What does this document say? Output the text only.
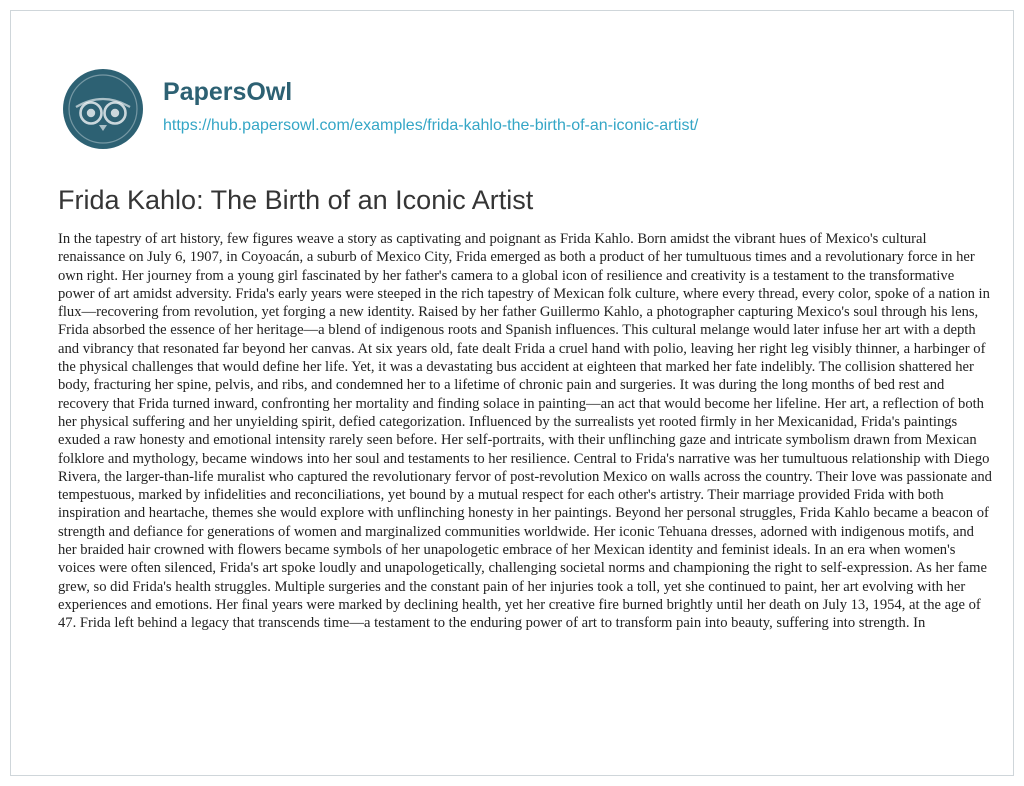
PapersOwl
https://hub.papersowl.com/examples/frida-kahlo-the-birth-of-an-iconic-artist/
Frida Kahlo: The Birth of an Iconic Artist

In the tapestry of art history, few figures weave a story as captivating and poignant as Frida Kahlo. Born amidst the vibrant hues of Mexico's cultural renaissance on July 6, 1907, in Coyoacán, a suburb of Mexico City, Frida emerged as both a product of her tumultuous times and a revolutionary force in her own right. Her journey from a young girl fascinated by her father's camera to a global icon of resilience and creativity is a testament to the transformative power of art amidst adversity. Frida's early years were steeped in the rich tapestry of Mexican folk culture, where every thread, every color, spoke of a nation in flux—recovering from revolution, yet forging a new identity. Raised by her father Guillermo Kahlo, a photographer capturing Mexico's soul through his lens, Frida absorbed the essence of her heritage—a blend of indigenous roots and Spanish influences. This cultural melange would later infuse her art with a depth and vibrancy that resonated far beyond her canvas. At six years old, fate dealt Frida a cruel hand with polio, leaving her right leg visibly thinner, a harbinger of the physical challenges that would define her life. Yet, it was a devastating bus accident at eighteen that marked her fate indelibly. The collision shattered her body, fracturing her spine, pelvis, and ribs, and condemned her to a lifetime of chronic pain and surgeries. It was during the long months of bed rest and recovery that Frida turned inward, confronting her mortality and finding solace in painting—an act that would become her lifeline. Her art, a reflection of both her physical suffering and her unyielding spirit, defied categorization. Influenced by the surrealists yet rooted firmly in her Mexicanidad, Frida's paintings exuded a raw honesty and emotional intensity rarely seen before. Her self-portraits, with their unflinching gaze and intricate symbolism drawn from Mexican folklore and mythology, became windows into her soul and testaments to her resilience. Central to Frida's narrative was her tumultuous relationship with Diego Rivera, the larger-than-life muralist who captured the revolutionary fervor of post-revolution Mexico on walls across the country. Their love was passionate and tempestuous, marked by infidelities and reconciliations, yet bound by a mutual respect for each other's artistry. Their marriage provided Frida with both inspiration and heartache, themes she would explore with unflinching honesty in her paintings. Beyond her personal struggles, Frida Kahlo became a beacon of strength and defiance for generations of women and marginalized communities worldwide. Her iconic Tehuana dresses, adorned with indigenous motifs, and her braided hair crowned with flowers became symbols of her unapologetic embrace of her Mexican identity and feminist ideals. In an era when women's voices were often silenced, Frida's art spoke loudly and unapologetically, challenging societal norms and championing the right to self-expression. As her fame grew, so did Frida's health struggles. Multiple surgeries and the constant pain of her injuries took a toll, yet she continued to paint, her art evolving with her experiences and emotions. Her final years were marked by declining health, yet her creative fire burned brightly until her death on July 13, 1954, at the age of 47. Frida left behind a legacy that transcends time—a testament to the enduring power of art to transform pain into beauty, suffering into strength. In
